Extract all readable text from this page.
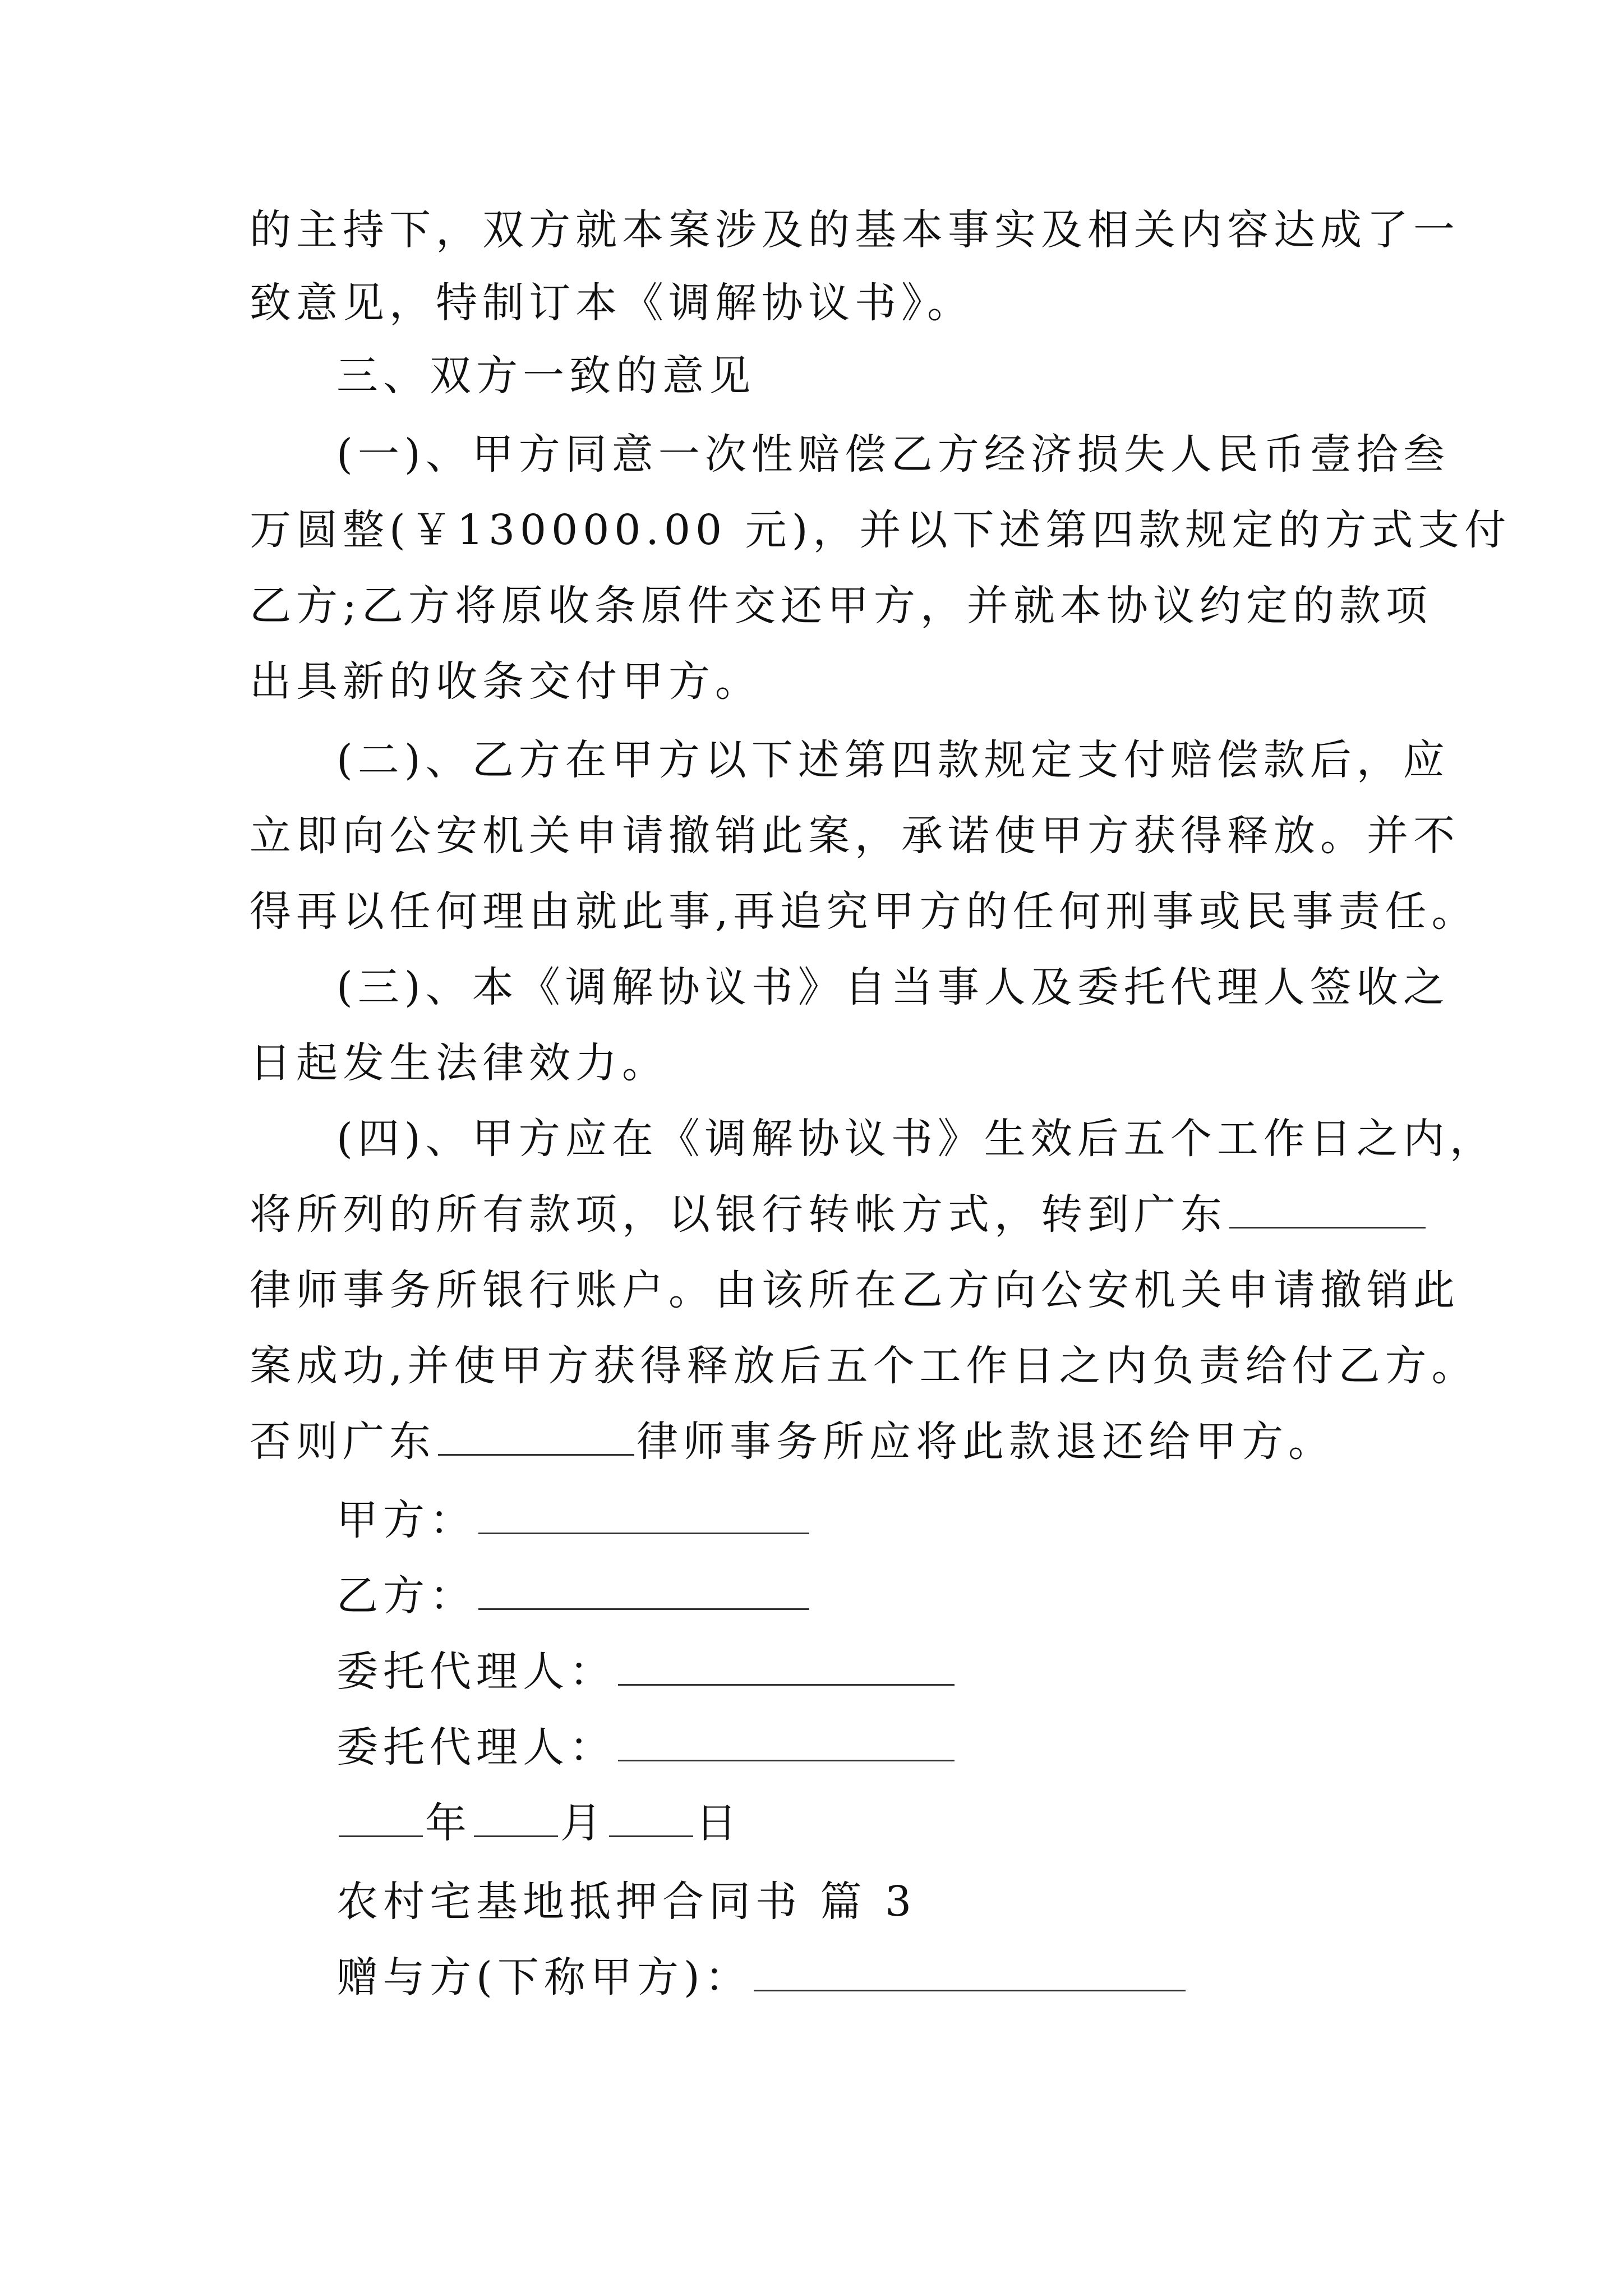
的主持下，双方就本案涉及的基本事实及相关内容达成了一
致意见，特制订本《调解协议书》。
三、双方一致的意见
(一)、甲方同意一次性赔偿乙方经济损失人民币壹拾叁
万圆整(￥130000.00 元)，并以下述第四款规定的方式支付
乙方;乙方将原收条原件交还甲方，并就本协议约定的款项
出具新的收条交付甲方。
(二)、乙方在甲方以下述第四款规定支付赔偿款后，应
立即向公安机关申请撤销此案，承诺使甲方获得释放。并不
得再以任何理由就此事,再追究甲方的任何刑事或民事责任。
(三)、本《调解协议书》自当事人及委托代理人签收之
日起发生法律效力。
(四)、甲方应在《调解协议书》生效后五个工作日之内，
将所列的所有款项，以银行转帐方式，转到广东
律师事务所银行账户。由该所在乙方向公安机关申请撤销此
案成功,并使甲方获得释放后五个工作日之内负责给付乙方。
否则广东	律师事务所应将此款退还给甲方。
甲方：
乙方：
委托代理人：
委托代理人：
年 月 日
农村宅基地抵押合同书 篇 3
赠与方(下称甲方)：
